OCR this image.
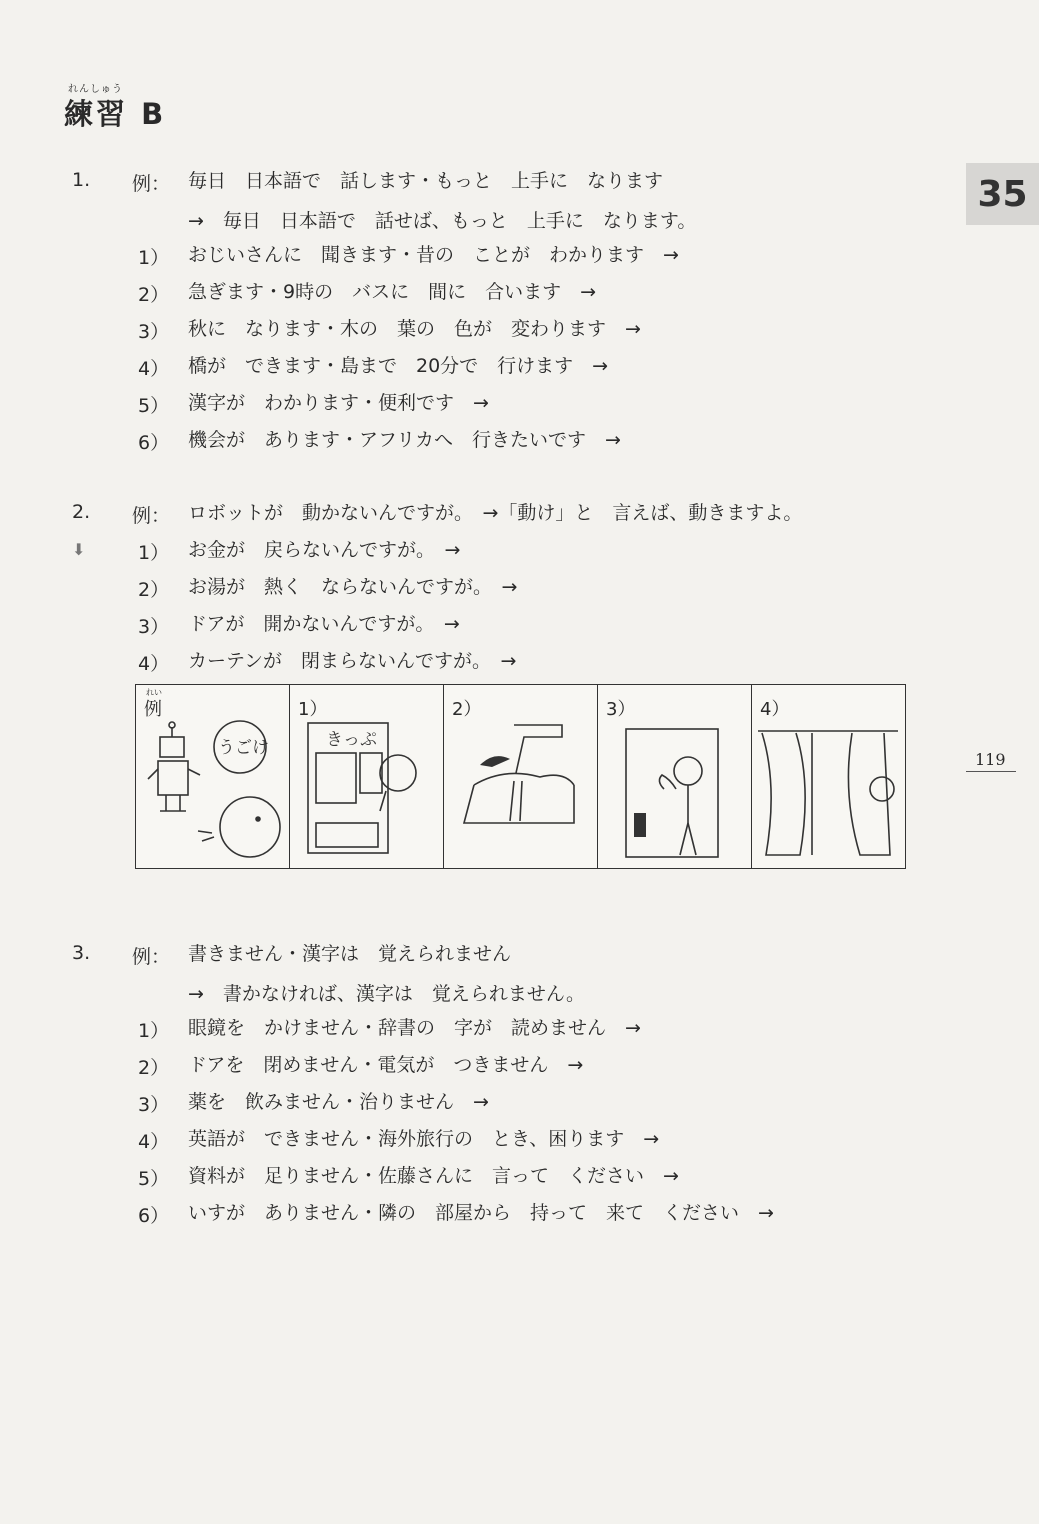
れんしゅう
練習 B
35
119
1. 例： 毎日　日本語で　話します・もっと　上手に　なります
→　毎日　日本語で　話せば、もっと　上手に　なります。
1） おじいさんに　聞きます・昔の　ことが　わかります　→
2） 急ぎます・9時の　バスに　間に　合います　→
3） 秋に　なります・木の　葉の　色が　変わります　→
4） 橋が　できます・島まで　20分で　行けます　→
5） 漢字が　わかります・便利です　→
6） 機会が　あります・アフリカへ　行きたいです　→
2. 例： ロボットが　動かないんですが。　→「動け」と　言えば、動きますよ。
⬇	1） お金が　戻らないんですが。　→
2） お湯が　熱く　ならないんですが。　→
3） ドアが　開かないんですが。　→
4） カーテンが　閉まらないんですが。　→
れい
例
うごけ
1）
きっぷ
2）	3）	4）
3. 例： 書きません・漢字は　覚えられません
→　書かなければ、漢字は　覚えられません。
1） 眼鏡を　かけません・辞書の　字が　読めません　→
2） ドアを　閉めません・電気が　つきません　→
3） 薬を　飲みません・治りません　→
4） 英語が　できません・海外旅行の　とき、困ります　→
5） 資料が　足りません・佐藤さんに　言って　ください　→
6） いすが　ありません・隣の　部屋から　持って　来て　ください　→
